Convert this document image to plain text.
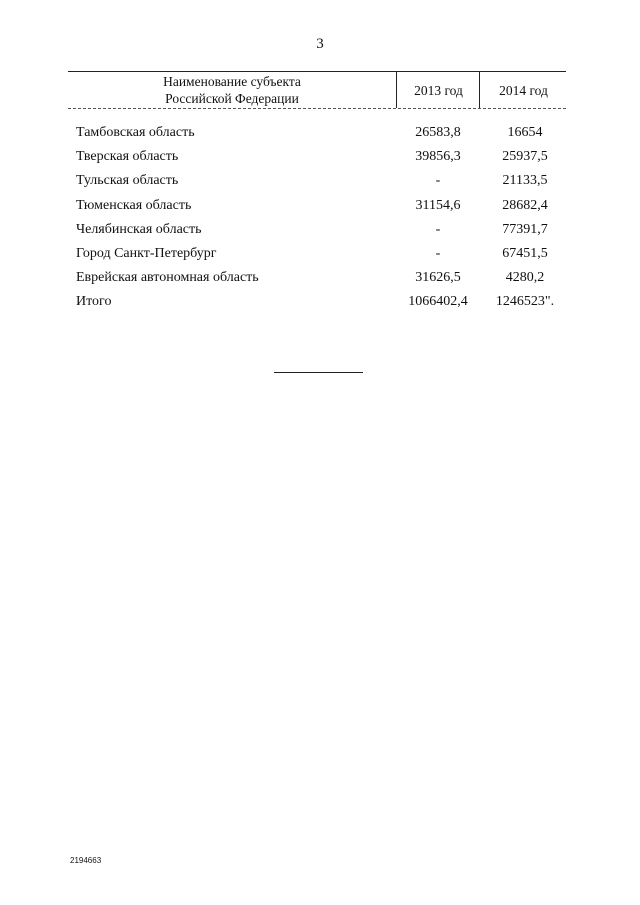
3
Наименование субъекта
Российской Федерации
2013 год	2014 год
Тамбовская область	26583,8	16654
Тверская область	39856,3	25937,5
Тульская область	-	21133,5
Тюменская область	31154,6	28682,4
Челябинская область	-	77391,7
Город Санкт-Петербург	-	67451,5
Еврейская автономная область	31626,5	4280,2
Итого	1066402,4	1246523".
2194663
